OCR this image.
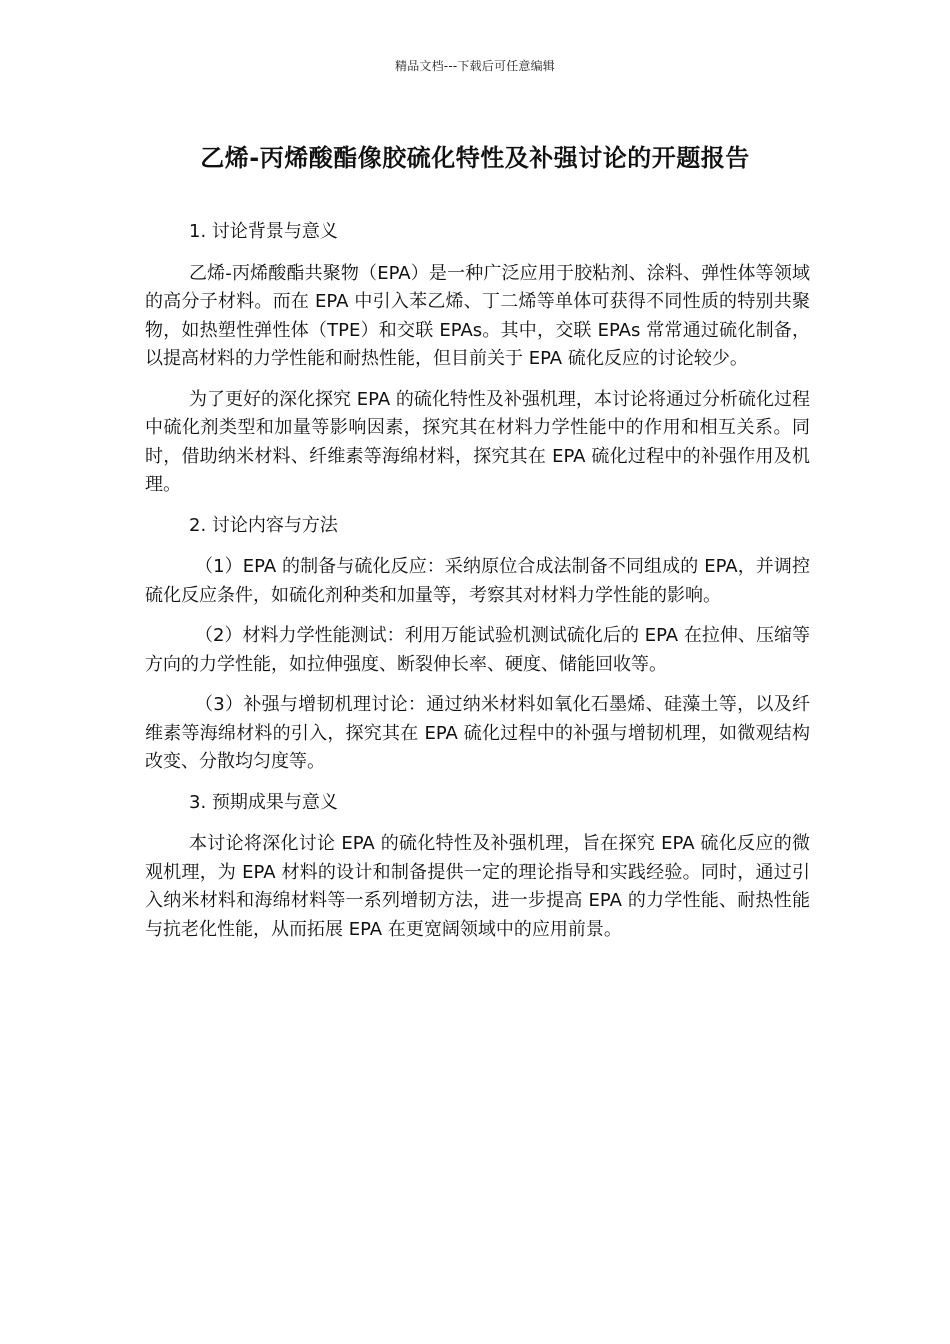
精品文档---下载后可任意编辑
乙烯-丙烯酸酯像胶硫化特性及补强讨论的开题报告

1. 讨论背景与意义

乙烯-丙烯酸酯共聚物（EPA）是一种广泛应用于胶粘剂、涂料、弹性体等领域的高分子材料。而在 EPA 中引入苯乙烯、丁二烯等单体可获得不同性质的特别共聚物，如热塑性弹性体（TPE）和交联 EPAs。其中，交联 EPAs 常常通过硫化制备，以提高材料的力学性能和耐热性能，但目前关于 EPA 硫化反应的讨论较少。

为了更好的深化探究 EPA 的硫化特性及补强机理，本讨论将通过分析硫化过程中硫化剂类型和加量等影响因素，探究其在材料力学性能中的作用和相互关系。同时，借助纳米材料、纤维素等海绵材料，探究其在 EPA 硫化过程中的补强作用及机理。

2. 讨论内容与方法

（1）EPA 的制备与硫化反应：采纳原位合成法制备不同组成的 EPA，并调控硫化反应条件，如硫化剂种类和加量等，考察其对材料力学性能的影响。

（2）材料力学性能测试：利用万能试验机测试硫化后的 EPA 在拉伸、压缩等方向的力学性能，如拉伸强度、断裂伸长率、硬度、储能回收等。

（3）补强与增韧机理讨论：通过纳米材料如氧化石墨烯、硅藻土等，以及纤维素等海绵材料的引入，探究其在 EPA 硫化过程中的补强与增韧机理，如微观结构改变、分散均匀度等。

3. 预期成果与意义

本讨论将深化讨论 EPA 的硫化特性及补强机理，旨在探究 EPA 硫化反应的微观机理，为 EPA 材料的设计和制备提供一定的理论指导和实践经验。同时，通过引入纳米材料和海绵材料等一系列增韧方法，进一步提高 EPA 的力学性能、耐热性能与抗老化性能，从而拓展 EPA 在更宽阔领域中的应用前景。
